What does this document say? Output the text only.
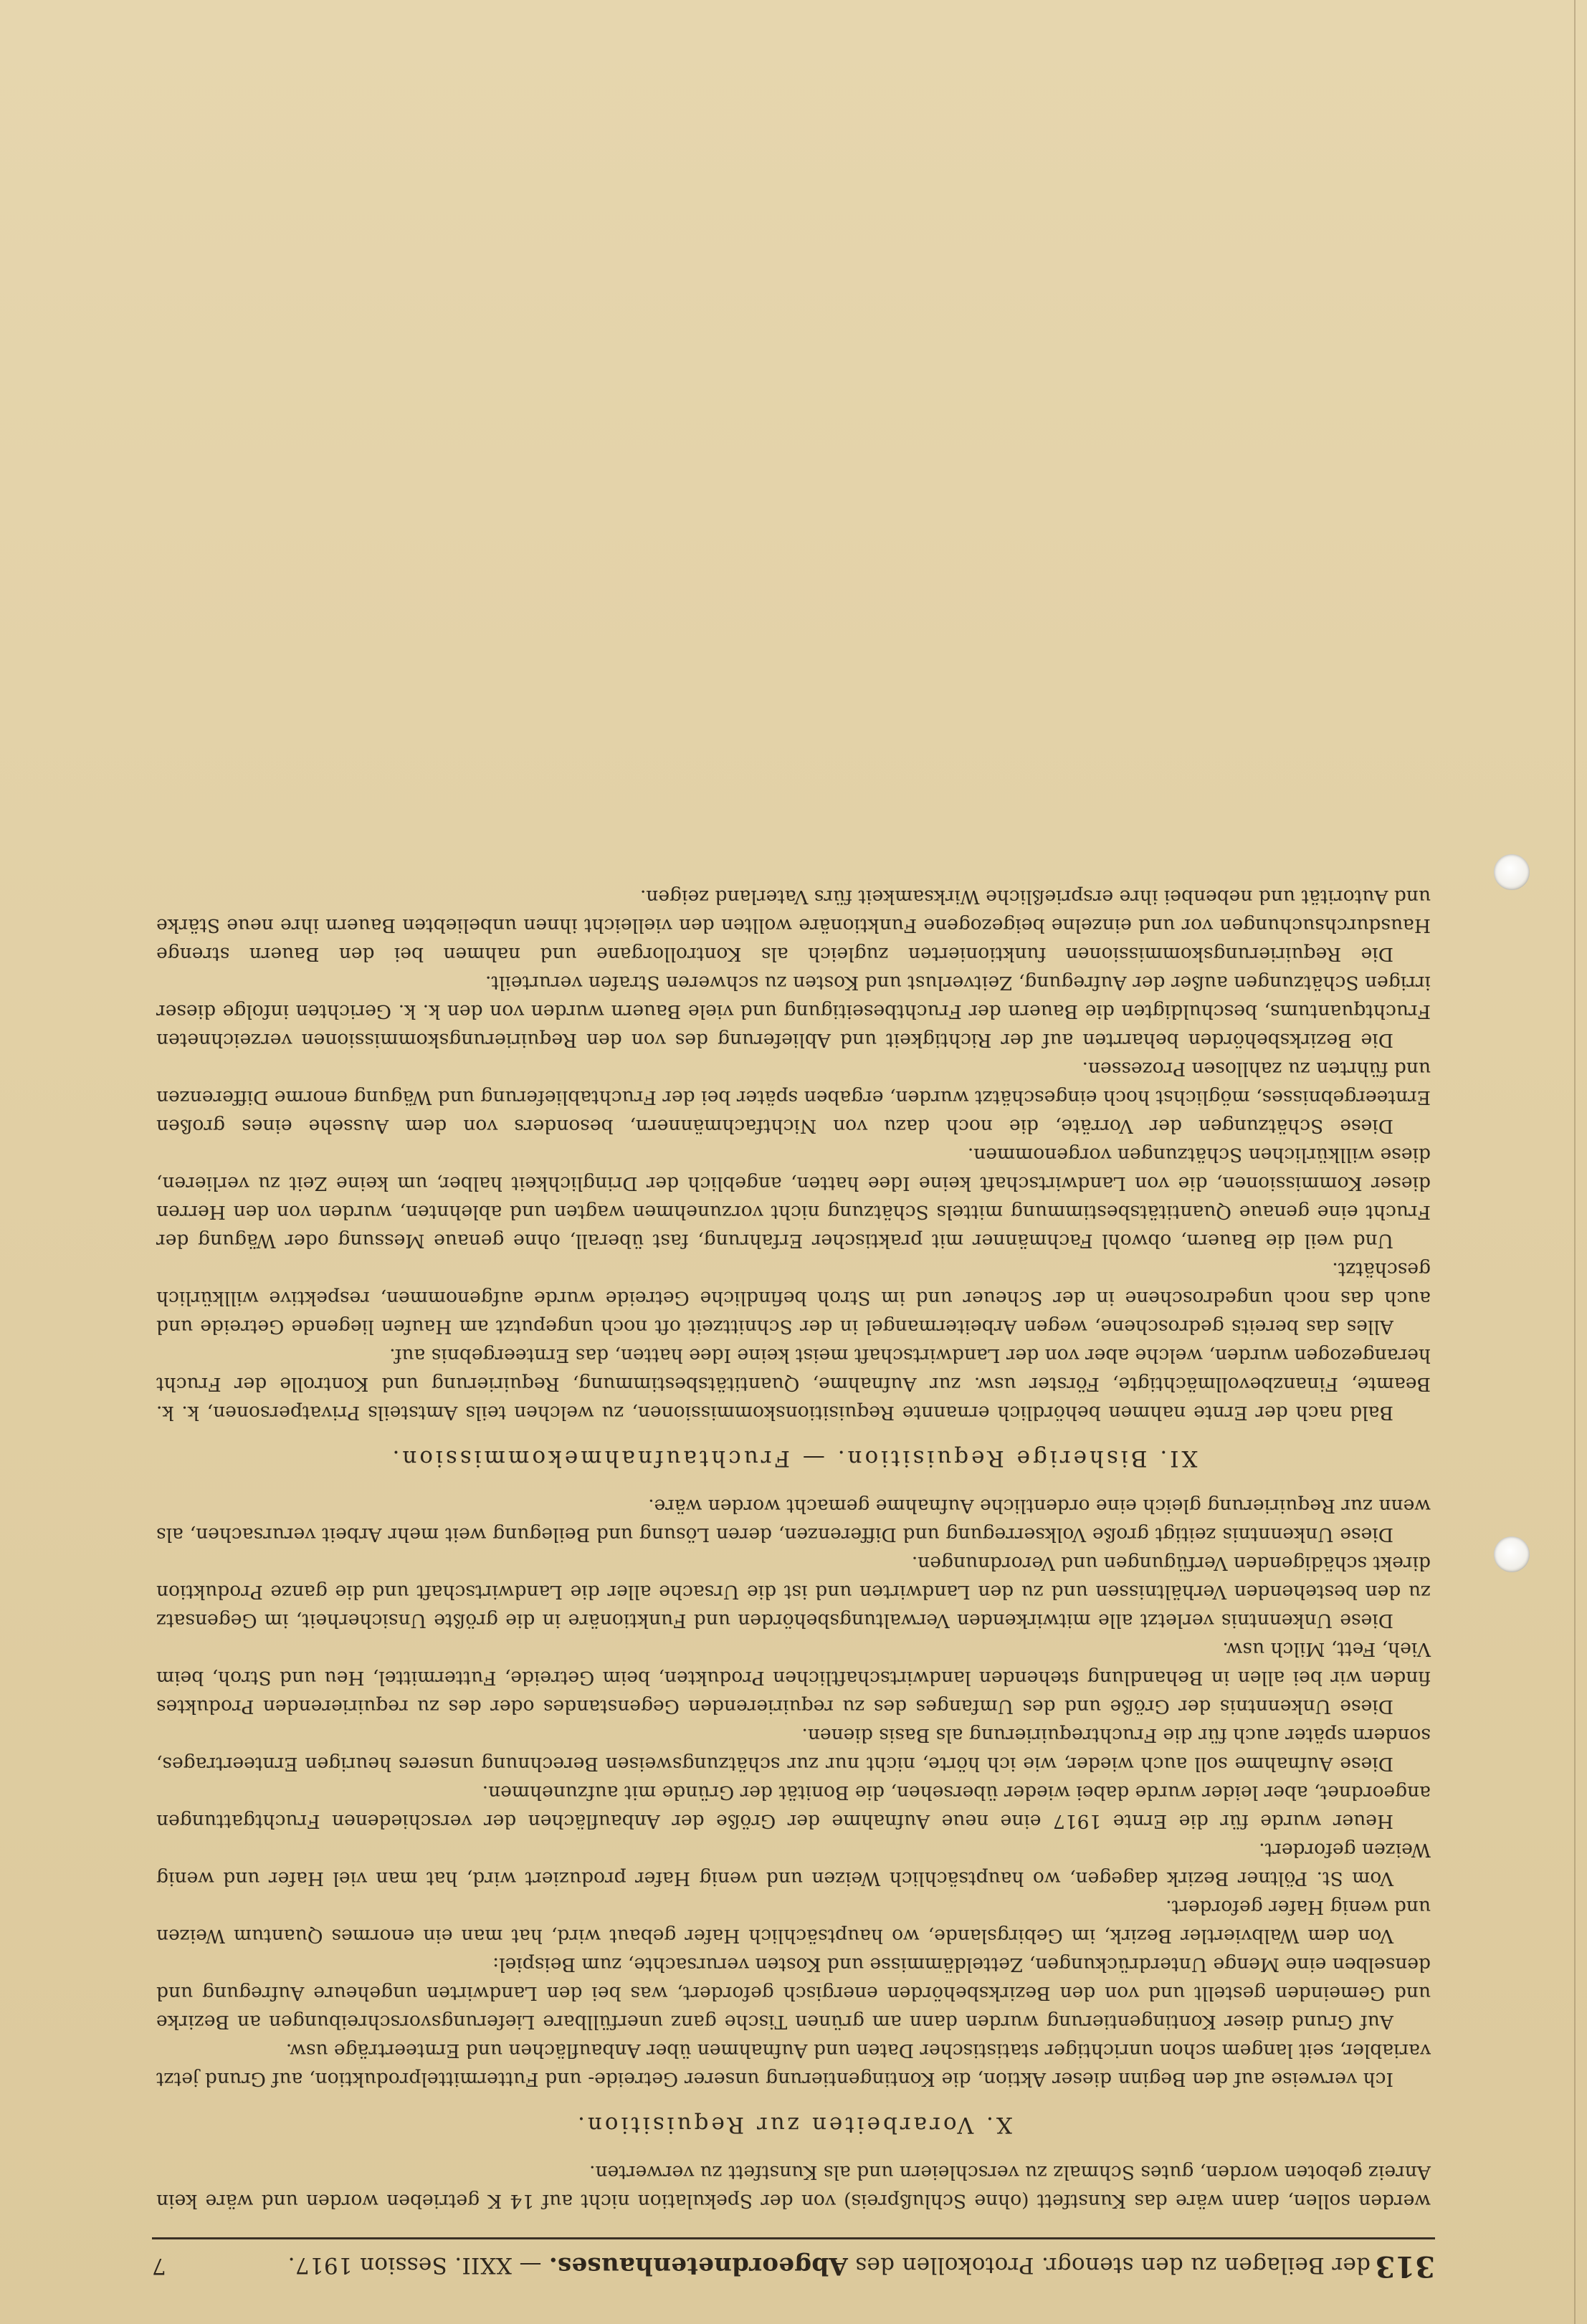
313
der Beilagen zu den stenogr. Protokollen des Abgeordnetenhauses. — XXII. Session 1917.
7

werden sollen, dann wäre das Kunstfett (ohne Schlußpreis) von der Spekulation nicht auf 14 K getrieben worden und wäre kein Anreiz geboten worden, gutes Schmalz zu verschleiern und als Kunstfett zu verwerten.

X. Vorarbeiten zur Requisition.

Ich verweise auf den Beginn dieser Aktion, die Kontingentierung unserer Getreide- und Futtermittelproduktion, auf Grund jetzt variabler, seit langem schon unrichtiger statistischer Daten und Aufnahmen über Anbauflächen und Ernteerträge usw.

Auf Grund dieser Kontingentierung wurden dann am grünen Tische ganz unerfüllbare Lieferungsvorschreibungen an Bezirke und Gemeinden gestellt und von den Bezirksbehörden energisch gefordert, was bei den Landwirten ungeheure Aufregung und denselben eine Menge Unterdrückungen, Zetteldämmisse und Kosten verursachte, zum Beispiel:

Von dem Walbviertler Bezirk, im Gebirgslande, wo hauptsächlich Hafer gebaut wird, hat man ein enormes Quantum Weizen und wenig Hafer gefordert.

Vom St. Pöltner Bezirk dagegen, wo hauptsächlich Weizen und wenig Hafer produziert wird, hat man viel Hafer und wenig Weizen gefordert.

Heuer wurde für die Ernte 1917 eine neue Aufnahme der Größe der Anbauflächen der verschiedenen Fruchtgattungen angeordnet, aber leider wurde dabei wieder übersehen, die Bonität der Gründe mit aufzunehmen.

Diese Aufnahme soll auch wieder, wie ich hörte, nicht nur zur schätzungsweisen Berechnung unseres heurigen Ernteertrages, sondern später auch für die Fruchtrequirierung als Basis dienen.

Diese Unkenntnis der Größe und des Umfanges des zu requirierenden Gegenstandes oder des zu requirierenden Produktes finden wir bei allen in Behandlung stehenden landwirtschaftlichen Produkten, beim Getreide, Futtermittel, Heu und Stroh, beim Vieh, Fett, Milch usw.

Diese Unkenntnis verletzt alle mitwirkenden Verwaltungsbehörden und Funktionäre in die größte Unsicherheit, im Gegensatz zu den bestehenden Verhältnissen und zu den Landwirten und ist die Ursache aller die Landwirtschaft und die ganze Produktion direkt schädigenden Verfügungen und Verordnungen.

Diese Unkenntnis zeitigt große Volkserregung und Differenzen, deren Lösung und Beilegung weit mehr Arbeit verursachen, als wenn zur Requirierung gleich eine ordentliche Aufnahme gemacht worden wäre.

XI. Bisherige Requisition. — Fruchtaufnahmekommission.

Bald nach der Ernte nahmen behördlich ernannte Requisitionskommissionen, zu welchen teils Amtsteils Privatpersonen, k. k. Beamte, Finanzbevollmächtigte, Förster usw. zur Aufnahme, Quantitätsbestimmung, Requirierung und Kontrolle der Frucht herangezogen wurden, welche aber von der Landwirtschaft meist keine Idee hatten, das Ernteergebnis auf.

Alles das bereits gedroschene, wegen Arbeitermangel in der Schnittzeit oft noch ungeputzt am Haufen liegende Getreide und auch das noch ungedroschene in der Scheuer und im Stroh befindliche Getreide wurde aufgenommen, respektive willkürlich geschätzt.

Und weil die Bauern, obwohl Fachmänner mit praktischer Erfahrung, fast überall, ohne genaue Messung oder Wägung der Frucht eine genaue Quantitätsbestimmung mittels Schätzung nicht vorzunehmen wagten und ablehnten, wurden von den Herren dieser Kommissionen, die von Landwirtschaft keine Idee hatten, angeblich der Dringlichkeit halber, um keine Zeit zu verlieren, diese willkürlichen Schätzungen vorgenommen.

Diese Schätzungen der Vorräte, die noch dazu von Nichtfachmännern, besonders von dem Aussehe eines großen Ernteergebnisses, möglichst hoch eingeschätzt wurden, ergaben später bei der Fruchtablieferung und Wägung enorme Differenzen und führten zu zahllosen Prozessen.

Die Bezirksbehörden beharrten auf der Richtigkeit und Ablieferung des von den Requirierungskommissionen verzeichneten Fruchtquantums, beschuldigten die Bauern der Fruchtbeseitigung und viele Bauern wurden von den k. k. Gerichten infolge dieser irrigen Schätzungen außer der Aufregung, Zeitverlust und Kosten zu schweren Strafen verurteilt.

Die Requirierungskommissionen funktionierten zugleich als Kontrollorgane und nahmen bei den Bauern strenge Hausdurchsuchungen vor und einzelne beigezogene Funktionäre wollten den vielleicht ihnen unbeliebten Bauern ihre neue Stärke und Autorität und nebenbei ihre ersprießliche Wirksamkeit fürs Vaterland zeigen.
